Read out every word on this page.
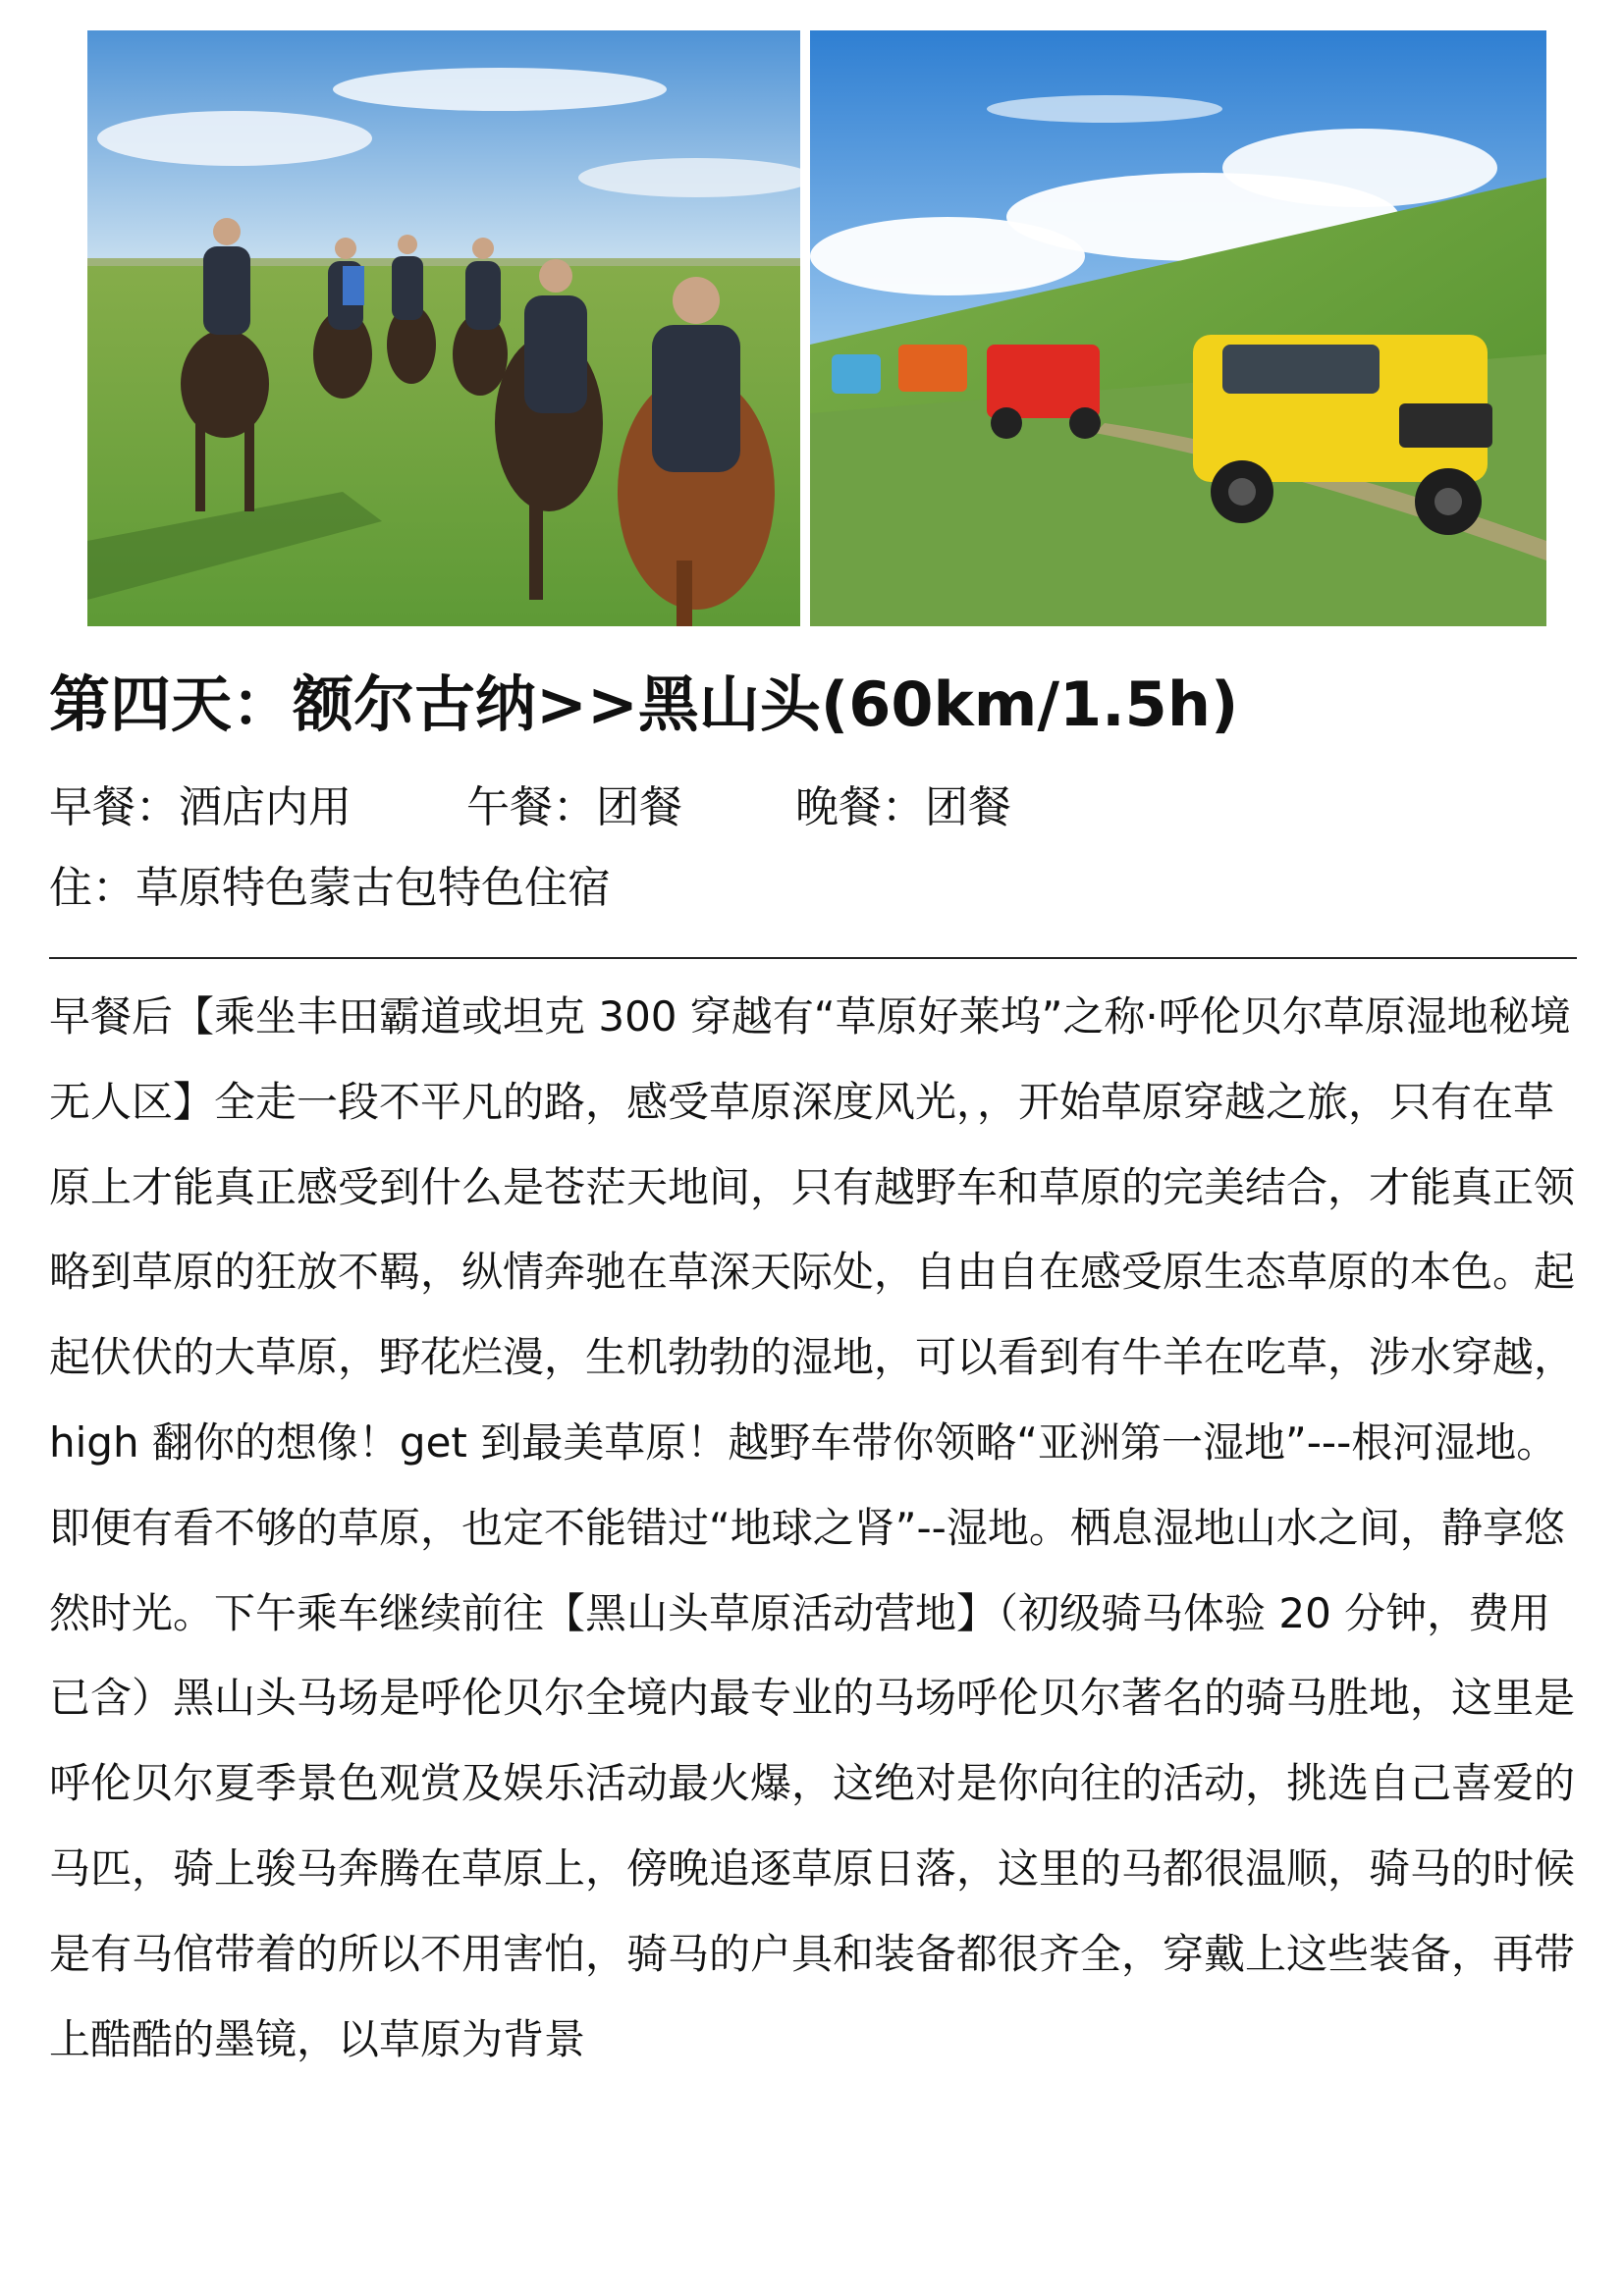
第四天：额尔古纳>>黑山头(60km/1.5h)
早餐：酒店内用	午餐：团餐	晚餐：团餐
住：草原特色蒙古包特色住宿
早餐后【乘坐丰田霸道或坦克 300 穿越有“草原好莱坞”之称·呼伦贝尔草原湿地秘境无人区】全走一段不平凡的路，感受草原深度风光，，开始草原穿越之旅，只有在草原上才能真正感受到什么是苍茫天地间，只有越野车和草原的完美结合，才能真正领略到草原的狂放不羁，纵情奔驰在草深天际处，自由自在感受原生态草原的本色。起起伏伏的大草原，野花烂漫，生机勃勃的湿地，可以看到有牛羊在吃草，涉水穿越，high 翻你的想像！get 到最美草原！越野车带你领略“亚洲第一湿地”---根河湿地。即便有看不够的草原，也定不能错过“地球之肾”--湿地。栖息湿地山水之间，静享悠然时光。下午乘车继续前往【黑山头草原活动营地】（初级骑马体验 20 分钟，费用已含）黑山头马场是呼伦贝尔全境内最专业的马场呼伦贝尔著名的骑马胜地，这里是呼伦贝尔夏季景色观赏及娱乐活动最火爆，这绝对是你向往的活动，挑选自己喜爱的马匹，骑上骏马奔腾在草原上，傍晚追逐草原日落，这里的马都很温顺，骑马的时候是有马倌带着的所以不用害怕，骑马的户具和装备都很齐全，穿戴上这些装备，再带上酷酷的墨镜，以草原为背景
